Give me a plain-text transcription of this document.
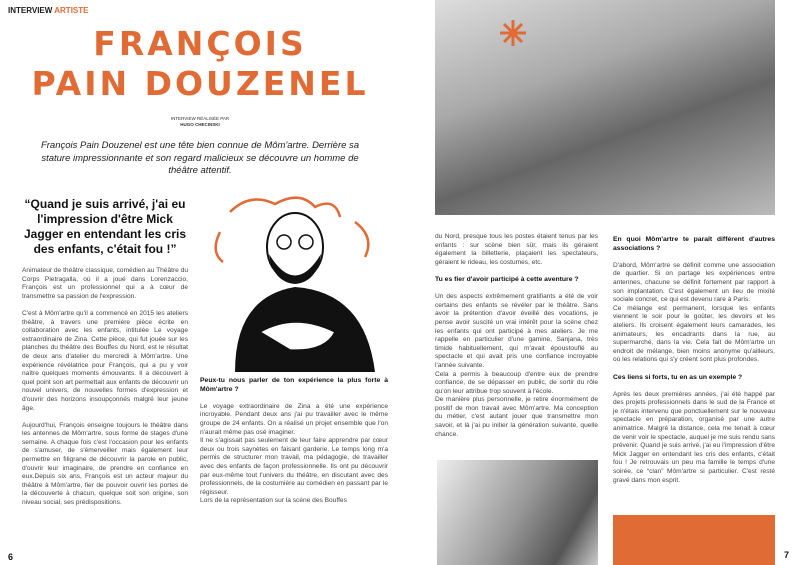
INTERVIEW ARTISTE
FRANÇOIS
PAIN DOUZENEL
INTERVIEW RÉALISÉE PAR
HUGO CHECINSKI
François Pain Douzenel est une tête bien connue de Môm'artre. Derrière sa stature impressionnante et son regard malicieux se découvre un homme de théâtre attentif.
“Quand je suis arrivé, j'ai eu l'impression d'être Mick Jagger en entendant les cris des enfants, c'était fou !”

Animateur de théâtre classique, comédien au Théâtre du Corps Pietragalla, où il a joué dans Lorenzaccio, François est un professionnel qui a à cœur de transmettre sa passion de l'expression.

C'est à Môm'artre qu'il a commencé en 2015 les ateliers théâtre, à travers une première pièce écrite en collaboration avec les enfants, intitulée Le voyage extraordinaire de Zina. Cette pièce, qui fut jouée sur les planches du théâtre des Bouffes du Nord, est le résultat de deux ans d'atelier du mercredi à Môm'artre. Une expérience révélatrice pour François, qui a pu y voir naître quelques moments émouvants. Il a découvert à quel point son art permettait aux enfants de découvrir un nouvel univers, de nouvelles formes d'expression et d'ouvrir des horizons insoupçonnés malgré leur jeune âge.

Aujourd'hui, François enseigne toujours le théâtre dans les antennes de Môm'artre, sous forme de stages d'une semaine. A chaque fois c'est l'occasion pour les enfants de s'amuser, de s'émerveiller mais également leur permettre en filigrane de découvrir la parole en public, d'ouvrir leur imaginaire, de prendre en confiance en eux.Depuis six ans, François est un acteur majeur du théâtre à Môm'artre, fier de pouvoir ouvrir les portes de la découverte à chacun, quelque soit son origine, son niveau social, ses prédispositions.

Peux-tu nous parler de ton expérience la plus forte à Môm'artre ?

Le voyage extraordinaire de Zina a été une expérience incroyable. Pendant deux ans j'ai pu travailler avec le même groupe de 24 enfants. On a réalisé un projet ensemble que l'on n'aurait même pas osé imaginer.

Il ne s'agissait pas seulement de leur faire apprendre par cœur deux ou trois saynètes en faisant garderie. Le temps long m'a permis de structurer mon travail, ma pédagogie, de travailler avec des enfants de façon professionnelle. Ils ont pu découvrir par eux-même tout l'univers du théâtre, en discutant avec des professionnels, de la costumière au comédien en passant par le régisseur.

Lors de la représentation sur la scène des Bouffes

6

du Nord, presque tous les postes étaient tenus par les enfants : sur scène bien sûr, mais ils géraient également la billetterie, plaçaient les spectateurs, géraient le rideau, les costumes, etc.

Tu es fier d'avoir participé à cette aventure ?

Un des aspects extrêmement gratifiants a été de voir certains des enfants se révéler par le théâtre. Sans avoir la prétention d'avoir éveillé des vocations, je pense avoir suscité un vrai intérêt pour la scène chez les enfants qui ont participé à mes ateliers. Je me rappelle en particulier d'une gamine, Sanjana, très timide habituellement, qui m'avait époustouflé au spectacle et qui avait pris une confiance incroyable l'année suivante.

Cela a permis à beaucoup d'entre eux de prendre confiance, de se dépasser en public, de sortir du rôle qu'on leur attribue trop souvent à l'école.

De manière plus personnelle, je retire énormément de positif de mon travail avec Môm'artre. Ma conception du métier, c'est autant jouer que transmettre mon savoir, et là j'ai pu initier la génération suivante, quelle chance.

En quoi Môm'artre te paraît différent d'autres associations ?

D'abord, Môm'artre se définit comme une association de quartier. Si on partage les expériences entre antennes, chacune se définit fortement par rapport à son implantation. C'est également un lieu de mixité sociale concret, ce qui est devenu rare à Paris.

Ce mélange est permanent, lorsque les enfants viennent le soir pour le goûter, les devoirs et les ateliers. Ils croisent également leurs camarades, les animateurs, les encadrants dans la rue, au supermarché, dans la vie. Cela fait de Môm'artre un endroit de mélange, bien moins anonyme qu'ailleurs, où les relations qui s'y créent sont plus profondes.

Ces liens si forts, tu en as un exemple ?

Après les deux premières années, j'ai été happé par des projets professionnels dans le sud de la France et je n'étais intervenu que ponctuellement sur le nouveau spectacle en préparation, organisé par une autre animatrice. Malgré la distance, cela me tenait à cœur de venir voir le spectacle, auquel je me suis rendu sans prévenir. Quand je suis arrivé, j'ai eu l'impression d'être Mick Jagger en entendant les cris des enfants, c'était fou ! Je retrouvais un peu ma famille le temps d'une soirée, ce “clan” Môm'artre si particulier. C'est resté gravé dans mon esprit.

7
